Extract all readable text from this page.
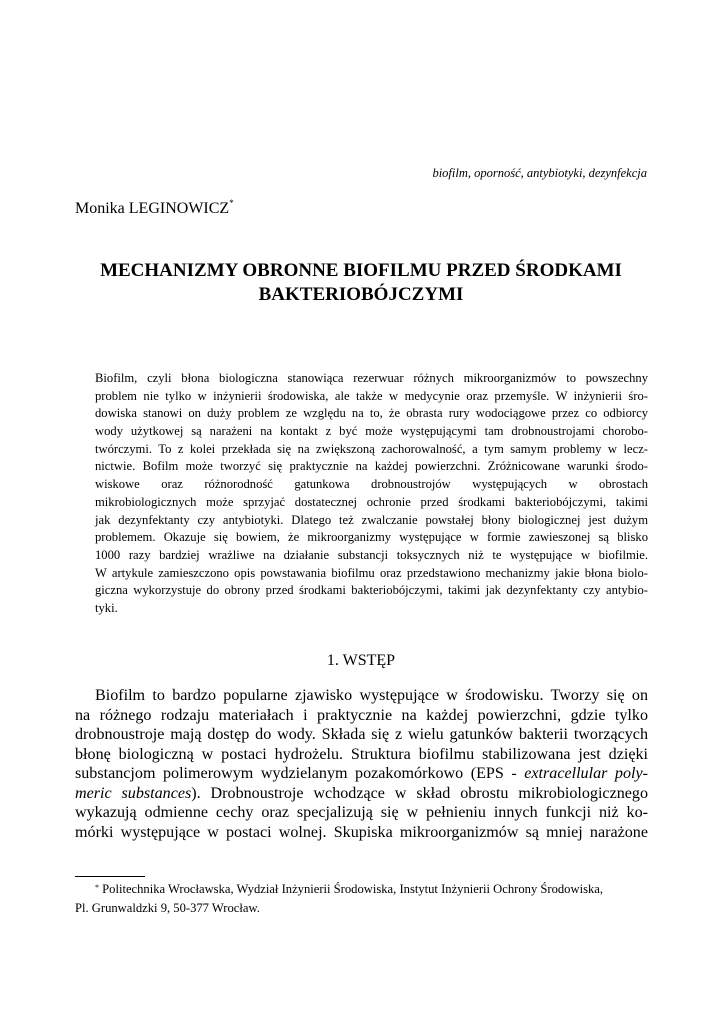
biofilm, oporność, antybiotyki, dezynfekcja
Monika LEGINOWICZ*
MECHANIZMY OBRONNE BIOFILMU PRZED ŚRODKAMI
BAKTERIOBÓJCZYMI
Biofilm, czyli błona biologiczna stanowiąca rezerwuar różnych mikroorganizmów to powszechny
problem nie tylko w inżynierii środowiska, ale także w medycynie oraz przemyśle. W inżynierii śro-
dowiska stanowi on duży problem ze względu na to, że obrasta rury wodociągowe przez co odbiorcy
wody użytkowej są narażeni na kontakt z być może występującymi tam drobnoustrojami chorobo-
twórczymi. To z kolei przekłada się na zwiększoną zachorowalność, a tym samym problemy w lecz-
nictwie. Bofilm może tworzyć się praktycznie na każdej powierzchni. Zróżnicowane warunki środo-
wiskowe oraz różnorodność gatunkowa drobnoustrojów występujących w obrostach
mikrobiologicznych może sprzyjać dostatecznej ochronie przed środkami bakteriobójczymi, takimi
jak dezynfektanty czy antybiotyki. Dlatego też zwalczanie powstałej błony biologicznej jest dużym
problemem. Okazuje się bowiem, że mikroorganizmy występujące w formie zawieszonej są blisko
1000 razy bardziej wrażliwe na działanie substancji toksycznych niż te występujące w biofilmie.
W artykule zamieszczono opis powstawania biofilmu oraz przedstawiono mechanizmy jakie błona biolo-
giczna wykorzystuje do obrony przed środkami bakteriobójczymi, takimi jak dezynfektanty czy antybio-
tyki.
1. WSTĘP
Biofilm to bardzo popularne zjawisko występujące w środowisku. Tworzy się on
na różnego rodzaju materiałach i praktycznie na każdej powierzchni, gdzie tylko
drobnoustroje mają dostęp do wody. Składa się z wielu gatunków bakterii tworzących
błonę biologiczną w postaci hydrożelu. Struktura biofilmu stabilizowana jest dzięki
substancjom polimerowym wydzielanym pozakomórkowo (EPS - extracellular poly-
meric substances). Drobnoustroje wchodzące w skład obrostu mikrobiologicznego
wykazują odmienne cechy oraz specjalizują się w pełnieniu innych funkcji niż ko-
mórki występujące w postaci wolnej. Skupiska mikroorganizmów są mniej narażone
* Politechnika Wrocławska, Wydział Inżynierii Środowiska, Instytut Inżynierii Ochrony Środowiska,
Pl. Grunwaldzki 9, 50-377 Wrocław.
